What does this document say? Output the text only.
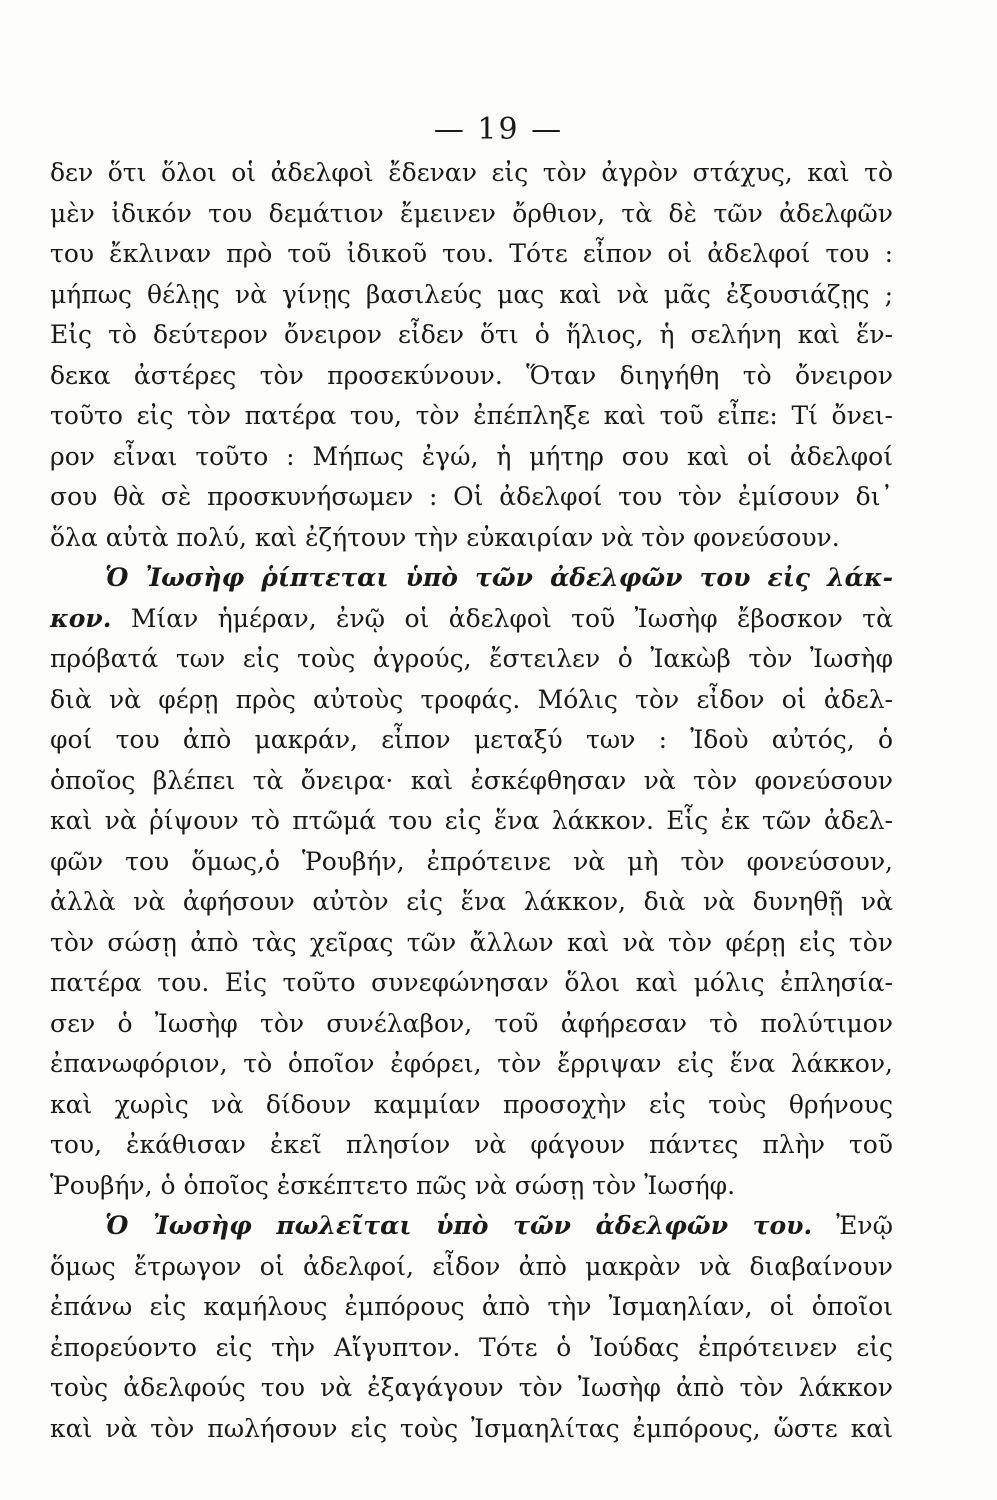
— 19 —
δεν ὅτι ὅλοι οἱ ἀδελφοὶ ἔδεναν εἰς τὸν ἀγρὸν στάχυς, καὶ τὸ
μὲν ἰδικόν του δεμάτιον ἔμεινεν ὄρθιον, τὰ δὲ τῶν ἀδελφῶν
του ἔκλιναν πρὸ τοῦ ἰδικοῦ του. Τότε εἶπον οἱ ἀδελφοί του :
μήπως θέλῃς νὰ γίνῃς βασιλεύς μας καὶ νὰ μᾶς ἐξουσιάζῃς ;
Εἰς τὸ δεύτερον ὄνειρον εἶδεν ὅτι ὁ ἥλιος, ἡ σελήνη καὶ ἕν-
δεκα ἀστέρες τὸν προσεκύνουν. Ὅταν διηγήθη τὸ ὄνειρον
τοῦτο εἰς τὸν πατέρα του, τὸν ἐπέπληξε καὶ τοῦ εἶπε: Τί ὄνει-
ρον εἶναι τοῦτο : Μήπως ἐγώ, ἡ μήτηρ σου καὶ οἱ ἀδελφοί
σου θὰ σὲ προσκυνήσωμεν : Οἱ ἀδελφοί του τὸν ἐμίσουν δι᾽
ὅλα αὐτὰ πολύ, καὶ ἐζήτουν τὴν εὐκαιρίαν νὰ τὸν φονεύσουν.
Ὁ Ἰωσὴφ ῥίπτεται ὑπὸ τῶν ἀδελφῶν του εἰς λάκ-
κον. Μίαν ἡμέραν, ἐνῷ οἱ ἀδελφοὶ τοῦ Ἰωσὴφ ἔβοσκον τὰ
πρόβατά των εἰς τοὺς ἀγρούς, ἔστειλεν ὁ Ἰακὼβ τὸν Ἰωσὴφ
διὰ νὰ φέρῃ πρὸς αὐτοὺς τροφάς. Μόλις τὸν εἶδον οἱ ἀδελ-
φοί του ἀπὸ μακράν, εἶπον μεταξύ των : Ἰδοὺ αὐτός, ὁ
ὁποῖος βλέπει τὰ ὄνειρα· καὶ ἐσκέφθησαν νὰ τὸν φονεύσουν
καὶ νὰ ῥίψουν τὸ πτῶμά του εἰς ἕνα λάκκον. Εἷς ἐκ τῶν ἀδελ-
φῶν του ὅμως,ὁ Ῥουβήν, ἐπρότεινε νὰ μὴ τὸν φονεύσουν,
ἀλλὰ νὰ ἀφήσουν αὐτὸν εἰς ἕνα λάκκον, διὰ νὰ δυνηθῇ νὰ
τὸν σώσῃ ἀπὸ τὰς χεῖρας τῶν ἄλλων καὶ νὰ τὸν φέρῃ εἰς τὸν
πατέρα του. Εἰς τοῦτο συνεφώνησαν ὅλοι καὶ μόλις ἐπλησία-
σεν ὁ Ἰωσὴφ τὸν συνέλαβον, τοῦ ἀφήρεσαν τὸ πολύτιμον
ἐπανωφόριον, τὸ ὁποῖον ἐφόρει, τὸν ἔρριψαν εἰς ἕνα λάκκον,
καὶ χωρὶς νὰ δίδουν καμμίαν προσοχὴν εἰς τοὺς θρήνους
του, ἐκάθισαν ἐκεῖ πλησίον νὰ φάγουν πάντες πλὴν τοῦ
Ῥουβήν, ὁ ὁποῖος ἐσκέπτετο πῶς νὰ σώσῃ τὸν Ἰωσήφ.
Ὁ Ἰωσὴφ πωλεῖται ὑπὸ τῶν ἀδελφῶν του. Ἐνῷ
ὅμως ἔτρωγον οἱ ἀδελφοί, εἶδον ἀπὸ μακρὰν νὰ διαβαίνουν
ἐπάνω εἰς καμήλους ἐμπόρους ἀπὸ τὴν Ἰσμαηλίαν, οἱ ὁποῖοι
ἐπορεύοντο εἰς τὴν Αἴγυπτον. Τότε ὁ Ἰούδας ἐπρότεινεν εἰς
τοὺς ἀδελφούς του νὰ ἐξαγάγουν τὸν Ἰωσὴφ ἀπὸ τὸν λάκκον
καὶ νὰ τὸν πωλήσουν εἰς τοὺς Ἰσμαηλίτας ἐμπόρους, ὥστε καὶ
